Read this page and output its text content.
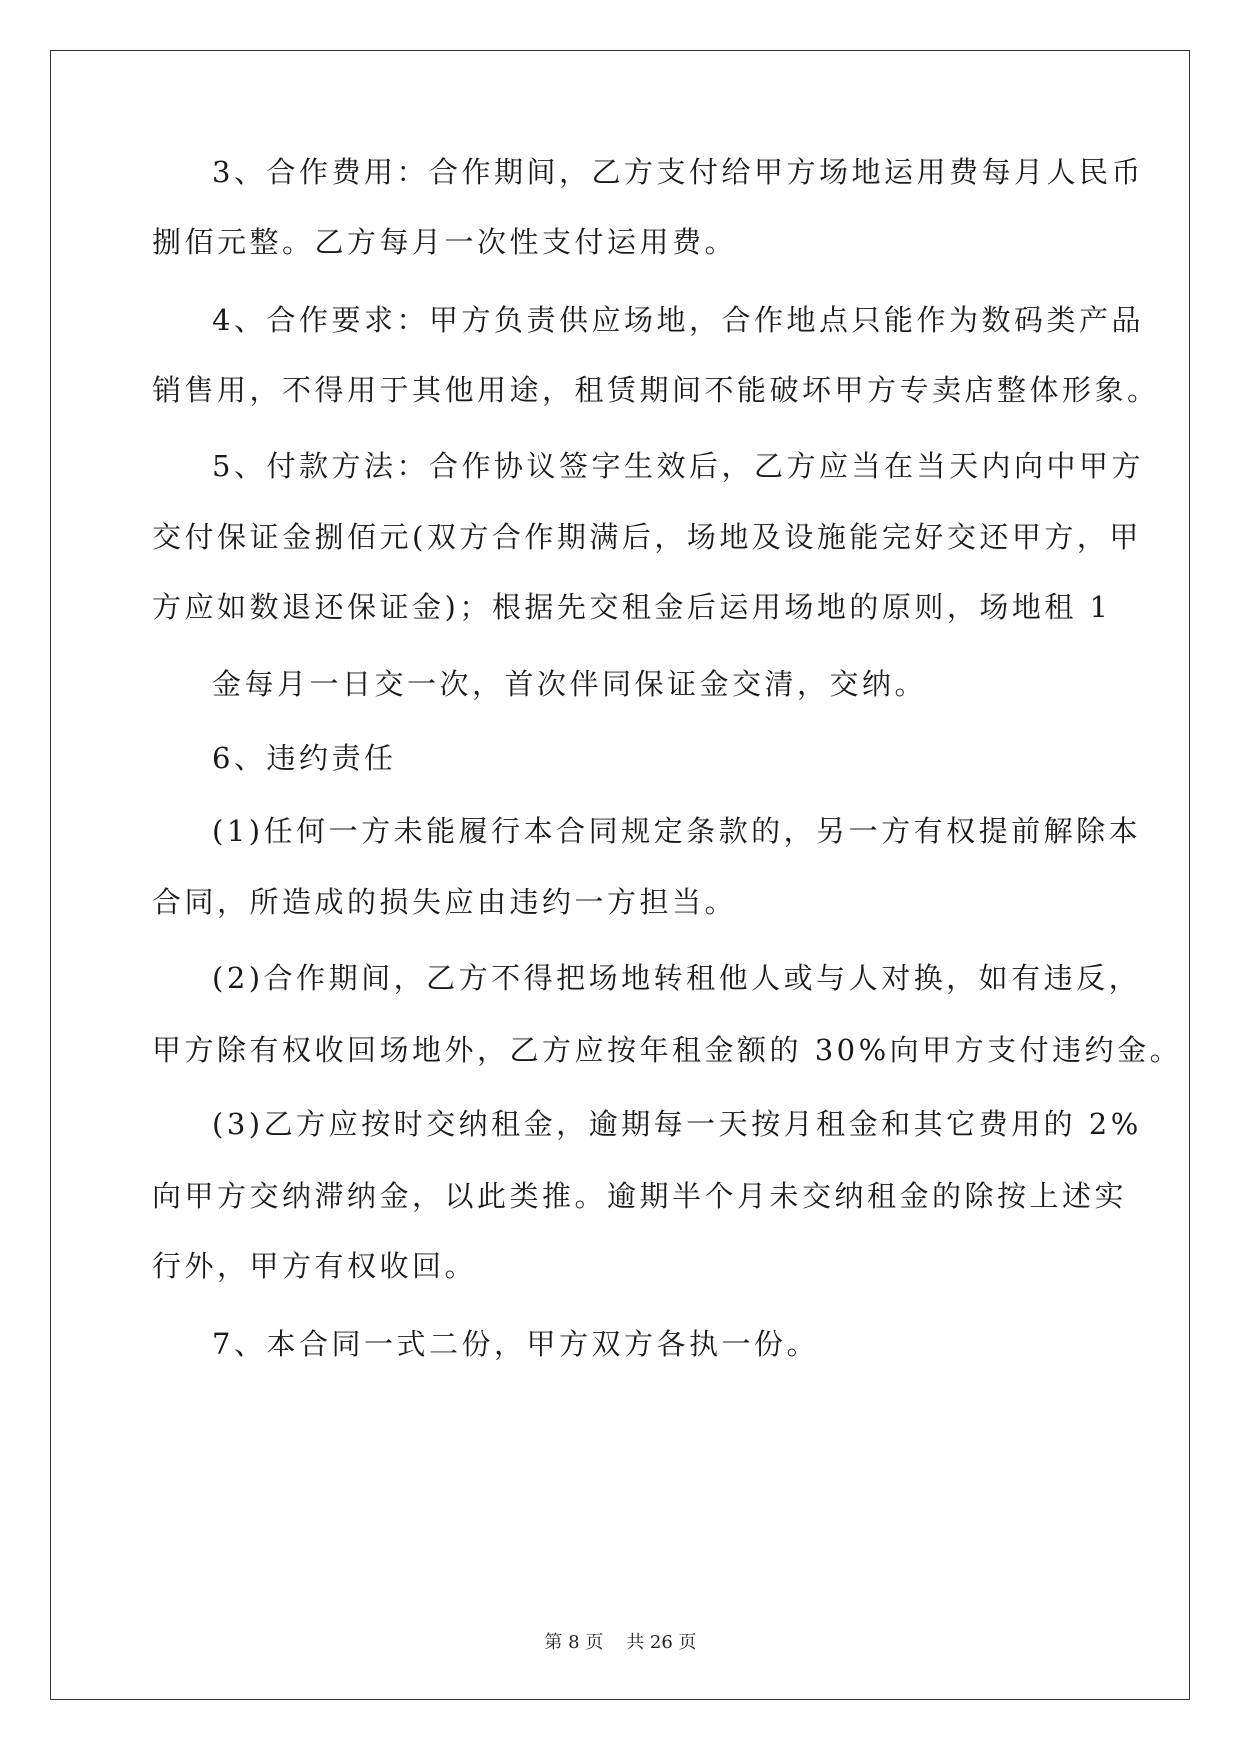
3、合作费用：合作期间，乙方支付给甲方场地运用费每月人民币
捌佰元整。乙方每月一次性支付运用费。
4、合作要求：甲方负责供应场地，合作地点只能作为数码类产品
销售用，不得用于其他用途，租赁期间不能破坏甲方专卖店整体形象。
5、付款方法：合作协议签字生效后，乙方应当在当天内向中甲方
交付保证金捌佰元(双方合作期满后，场地及设施能完好交还甲方，甲
方应如数退还保证金)；根据先交租金后运用场地的原则，场地租 1
金每月一日交一次，首次伴同保证金交清，交纳。
6、违约责任
(1)任何一方未能履行本合同规定条款的，另一方有权提前解除本
合同，所造成的损失应由违约一方担当。
(2)合作期间，乙方不得把场地转租他人或与人对换，如有违反，
甲方除有权收回场地外，乙方应按年租金额的 30%向甲方支付违约金。
(3)乙方应按时交纳租金，逾期每一天按月租金和其它费用的 2%
向甲方交纳滞纳金，以此类推。逾期半个月未交纳租金的除按上述实
行外，甲方有权收回。
7、本合同一式二份，甲方双方各执一份。
第 8 页    共 26 页
